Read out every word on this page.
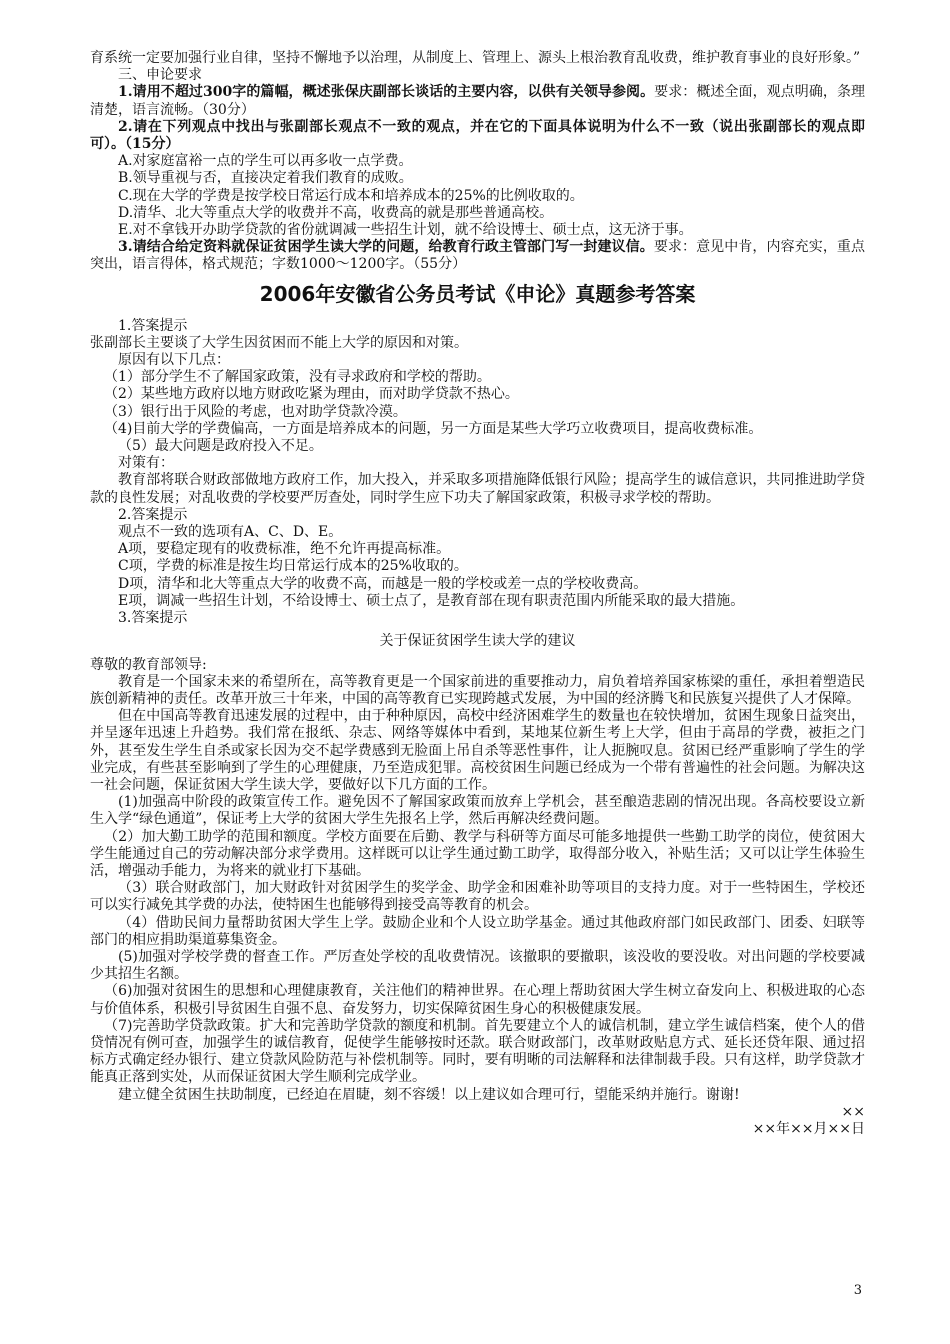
育系统一定要加强行业自律，坚持不懈地予以治理，从制度上、管理上、源头上根治教育乱收费，维护教育事业的良好形象。”

三、申论要求

1.请用不超过300字的篇幅，概述张保庆副部长谈话的主要内容，以供有关领导参阅。要求：概述全面，观点明确，条理清楚，语言流畅。（30分）

2.请在下列观点中找出与张副部长观点不一致的观点，并在它的下面具体说明为什么不一致（说出张副部长的观点即可）。（15分）

A.对家庭富裕一点的学生可以再多收一点学费。

B.领导重视与否，直接决定着我们教育的成败。

C.现在大学的学费是按学校日常运行成本和培养成本的25%的比例收取的。

D.清华、北大等重点大学的收费并不高，收费高的就是那些普通高校。

E.对不拿钱开办助学贷款的省份就调减一些招生计划，就不给设博士、硕士点，这无济于事。

3.请结合给定资料就保证贫困学生读大学的问题，给教育行政主管部门写一封建议信。要求：意见中肯，内容充实，重点突出，语言得体，格式规范；字数1000～1200字。（55分）

2006年安徽省公务员考试《申论》真题参考答案

1.答案提示

张副部长主要谈了大学生因贫困而不能上大学的原因和对策。

原因有以下几点：

（1）部分学生不了解国家政策，没有寻求政府和学校的帮助。

（2）某些地方政府以地方财政吃紧为理由，而对助学贷款不热心。

（3）银行出于风险的考虑，也对助学贷款冷漠。

（4)目前大学的学费偏高，一方面是培养成本的问题，另一方面是某些大学巧立收费项目，提高收费标准。

（5）最大问题是政府投入不足。

对策有：

教育部将联合财政部做地方政府工作，加大投入，并采取多项措施降低银行风险；提高学生的诚信意识，共同推进助学贷款的良性发展；对乱收费的学校要严厉查处，同时学生应下功夫了解国家政策，积极寻求学校的帮助。

2.答案提示

观点不一致的选项有A、C、D、E。

A项，要稳定现有的收费标准，绝不允许再提高标准。

C项，学费的标准是按生均日常运行成本的25%收取的。

D项，清华和北大等重点大学的收费不高，而越是一般的学校或差一点的学校收费高。

E项，调减一些招生计划，不给设博士、硕士点了，是教育部在现有职责范围内所能采取的最大措施。

3.答案提示

关于保证贫困学生读大学的建议

尊敬的教育部领导:

教育是一个国家未来的希望所在，高等教育更是一个国家前进的重要推动力，肩负着培养国家栋梁的重任，承担着塑造民族创新精神的责任。改革开放三十年来，中国的高等教育已实现跨越式发展，为中国的经济腾飞和民族复兴提供了人才保障。

但在中国高等教育迅速发展的过程中，由于种种原因，高校中经济困难学生的数量也在较快增加，贫困生现象日益突出，并呈逐年迅速上升趋势。我们常在报纸、杂志、网络等媒体中看到，某地某位新生考上大学，但由于高昂的学费，被拒之门外，甚至发生学生自杀或家长因为交不起学费感到无脸面上吊自杀等恶性事件，让人扼腕叹息。贫困已经严重影响了学生的学业完成，有些甚至影响到了学生的心理健康，乃至造成犯罪。高校贫困生问题已经成为一个带有普遍性的社会问题。为解决这一社会问题，保证贫困大学生读大学，要做好以下几方面的工作。

(1)加强高中阶段的政策宣传工作。避免因不了解国家政策而放弃上学机会，甚至酿造悲剧的情况出现。各高校要设立新生入学“绿色通道”，保证考上大学的贫困大学生先报名上学，然后再解决经费问题。

（2）加大勤工助学的范围和额度。学校方面要在后勤、教学与科研等方面尽可能多地提供一些勤工助学的岗位，使贫困大学生能通过自己的劳动解决部分求学费用。这样既可以让学生通过勤工助学，取得部分收入，补贴生活；又可以让学生体验生活，增强动手能力，为将来的就业打下基础。

（3）联合财政部门，加大财政针对贫困学生的奖学金、助学金和困难补助等项目的支持力度。对于一些特困生，学校还可以实行减免其学费的办法，使特困生也能够得到接受高等教育的机会。

（4）借助民间力量帮助贫困大学生上学。鼓励企业和个人设立助学基金。通过其他政府部门如民政部门、团委、妇联等部门的相应捐助渠道募集资金。

(5)加强对学校学费的督查工作。严厉查处学校的乱收费情况。该撤职的要撤职，该没收的要没收。对出问题的学校要减少其招生名额。

（6)加强对贫困生的思想和心理健康教育，关注他们的精神世界。在心理上帮助贫困大学生树立奋发向上、积极进取的心态与价值体系，积极引导贫困生自强不息、奋发努力，切实保障贫困生身心的积极健康发展。

（7)完善助学贷款政策。扩大和完善助学贷款的额度和机制。首先要建立个人的诚信机制，建立学生诚信档案，使个人的借贷情况有例可查，加强学生的诚信教育，促使学生能够按时还款。联合财政部门，改革财政贴息方式、延长还贷年限、通过招标方式确定经办银行、建立贷款风险防范与补偿机制等。同时，要有明晰的司法解释和法律制裁手段。只有这样，助学贷款才能真正落到实处，从而保证贫困大学生顺利完成学业。

建立健全贫困生扶助制度，已经迫在眉睫，刻不容缓！以上建议如合理可行，望能采纳并施行。谢谢!

××

××年××月××日

3
